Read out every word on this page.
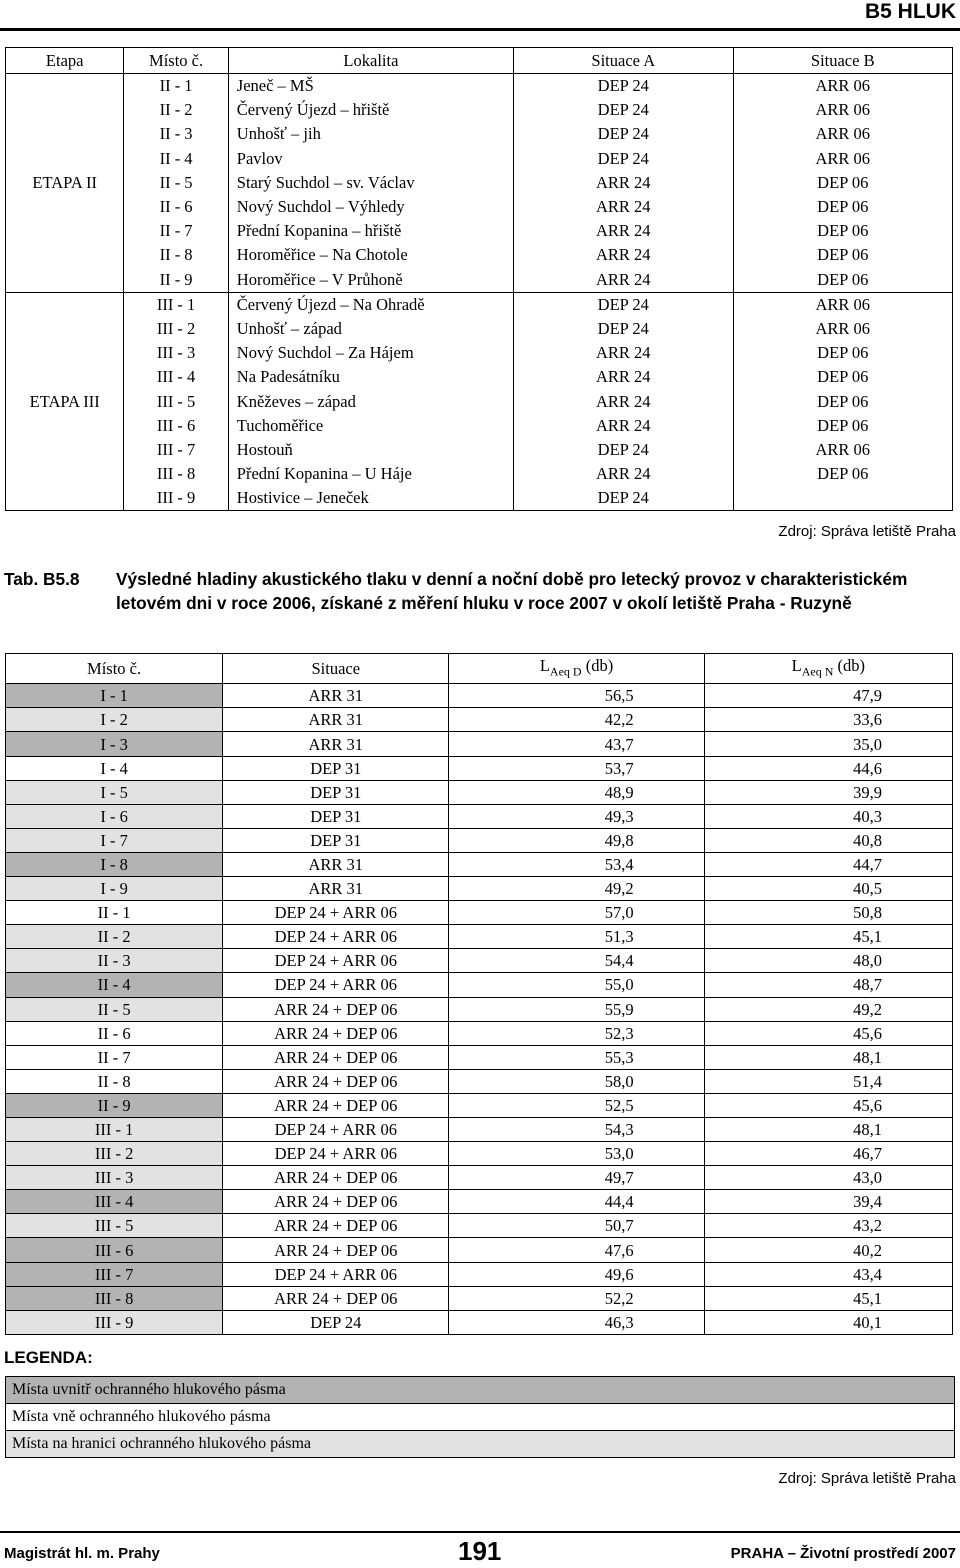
B5 HLUK
Etapa	Místo č.	Lokalita	Situace A	Situace B
ETAPA II	II - 1	Jeneč – MŠ	DEP 24	ARR 06
	II - 2	Červený Újezd – hřiště	DEP 24	ARR 06
	II - 3	Unhošť – jih	DEP 24	ARR 06
	II - 4	Pavlov	DEP 24	ARR 06
	II - 5	Starý Suchdol – sv. Václav	ARR 24	DEP 06
	II - 6	Nový Suchdol – Výhledy	ARR 24	DEP 06
	II - 7	Přední Kopanina – hřiště	ARR 24	DEP 06
	II - 8	Horoměřice – Na Chotole	ARR 24	DEP 06
	II - 9	Horoměřice – V Průhoně	ARR 24	DEP 06
ETAPA III	III - 1	Červený Újezd – Na Ohradě	DEP 24	ARR 06
	III - 2	Unhošť – západ	DEP 24	ARR 06
	III - 3	Nový Suchdol – Za Hájem	ARR 24	DEP 06
	III - 4	Na Padesátníku	ARR 24	DEP 06
	III - 5	Kněževes – západ	ARR 24	DEP 06
	III - 6	Tuchoměřice	ARR 24	DEP 06
	III - 7	Hostouň	DEP 24	ARR 06
	III - 8	Přední Kopanina – U Háje	ARR 24	DEP 06
	III - 9	Hostivice – Jeneček	DEP 24	
Zdroj: Správa letiště Praha
Tab. B5.8 Výsledné hladiny akustického tlaku v denní a noční době pro letecký provoz v charakteristickém letovém dni v roce 2006, získané z měření hluku v roce 2007 v okolí letiště Praha - Ruzyně
Místo č.	Situace	$L_{Aeq D}$ (db)	$L_{Aeq N}$ (db)
I - 1	ARR 31	56,5	47,9
I - 2	ARR 31	42,2	33,6
I - 3	ARR 31	43,7	35,0
I - 4	DEP 31	53,7	44,6
I - 5	DEP 31	48,9	39,9
I - 6	DEP 31	49,3	40,3
I - 7	DEP 31	49,8	40,8
I - 8	ARR 31	53,4	44,7
I - 9	ARR 31	49,2	40,5
II - 1	DEP 24 + ARR 06	57,0	50,8
II - 2	DEP 24 + ARR 06	51,3	45,1
II - 3	DEP 24 + ARR 06	54,4	48,0
II - 4	DEP 24 + ARR 06	55,0	48,7
II - 5	ARR 24 + DEP 06	55,9	49,2
II - 6	ARR 24 + DEP 06	52,3	45,6
II - 7	ARR 24 + DEP 06	55,3	48,1
II - 8	ARR 24 + DEP 06	58,0	51,4
II - 9	ARR 24 + DEP 06	52,5	45,6
III - 1	DEP 24 + ARR 06	54,3	48,1
III - 2	DEP 24 + ARR 06	53,0	46,7
III - 3	ARR 24 + DEP 06	49,7	43,0
III - 4	ARR 24 + DEP 06	44,4	39,4
III - 5	ARR 24 + DEP 06	50,7	43,2
III - 6	ARR 24 + DEP 06	47,6	40,2
III - 7	DEP 24 + ARR 06	49,6	43,4
III - 8	ARR 24 + DEP 06	52,2	45,1
III - 9	DEP 24	46,3	40,1
LEGENDA:
Místa uvnitř ochranného hlukového pásma
Místa vně ochranného hlukového pásma
Místa na hranici ochranného hlukového pásma
Zdroj: Správa letiště Praha
Magistrát hl. m. Prahy	191	PRAHA – Životní prostředí 2007
